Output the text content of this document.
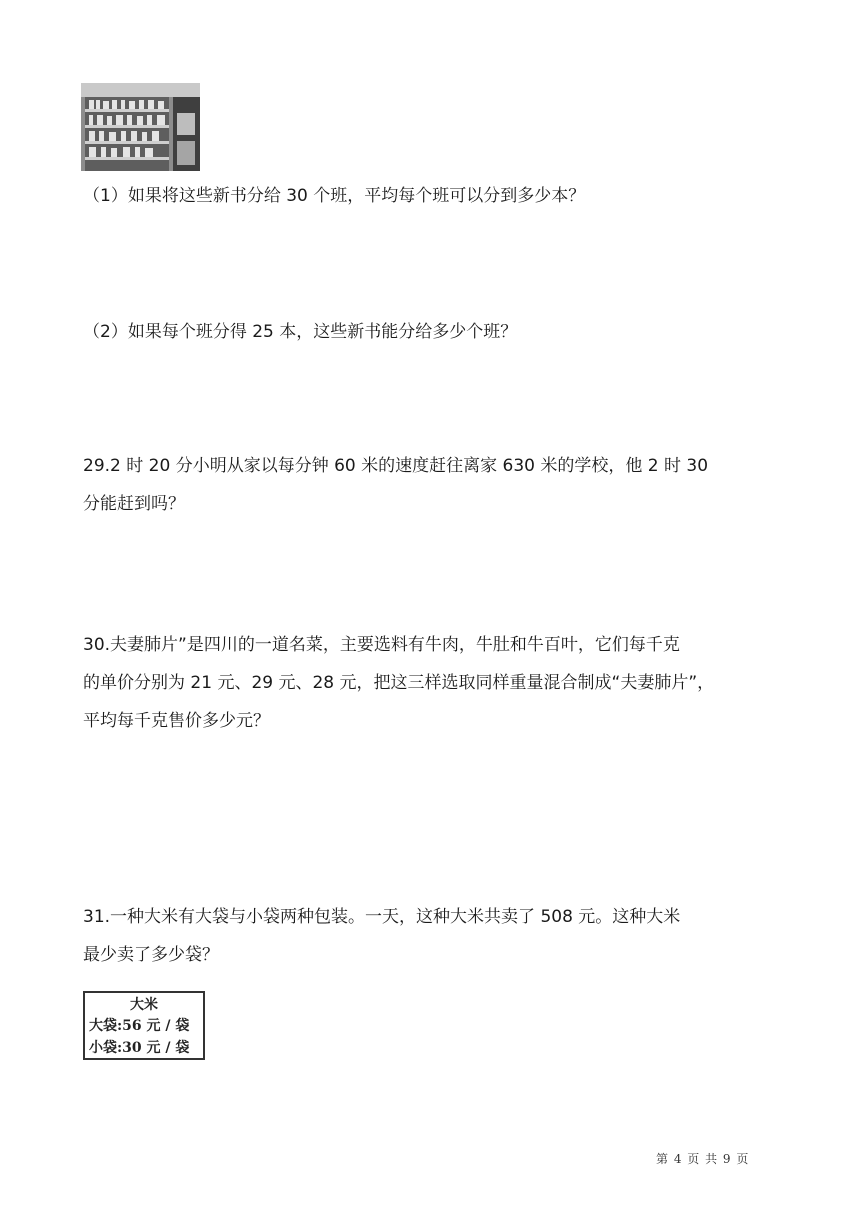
（1）如果将这些新书分给 30 个班，平均每个班可以分到多少本？
（2）如果每个班分得 25 本，这些新书能分给多少个班？
29.2 时 20 分小明从家以每分钟 60 米的速度赶往离家 630 米的学校，他 2 时 30
分能赶到吗？
30.夫妻肺片”是四川的一道名菜，主要选料有牛肉，牛肚和牛百叶，它们每千克
的单价分别为 21 元、29 元、28 元，把这三样选取同样重量混合制成“夫妻肺片”，
平均每千克售价多少元？
31.一种大米有大袋与小袋两种包装。一天，这种大米共卖了 508 元。这种大米
最少卖了多少袋？
大米
大袋:56 元 / 袋
小袋:30 元 / 袋
第 4 页 共 9 页
